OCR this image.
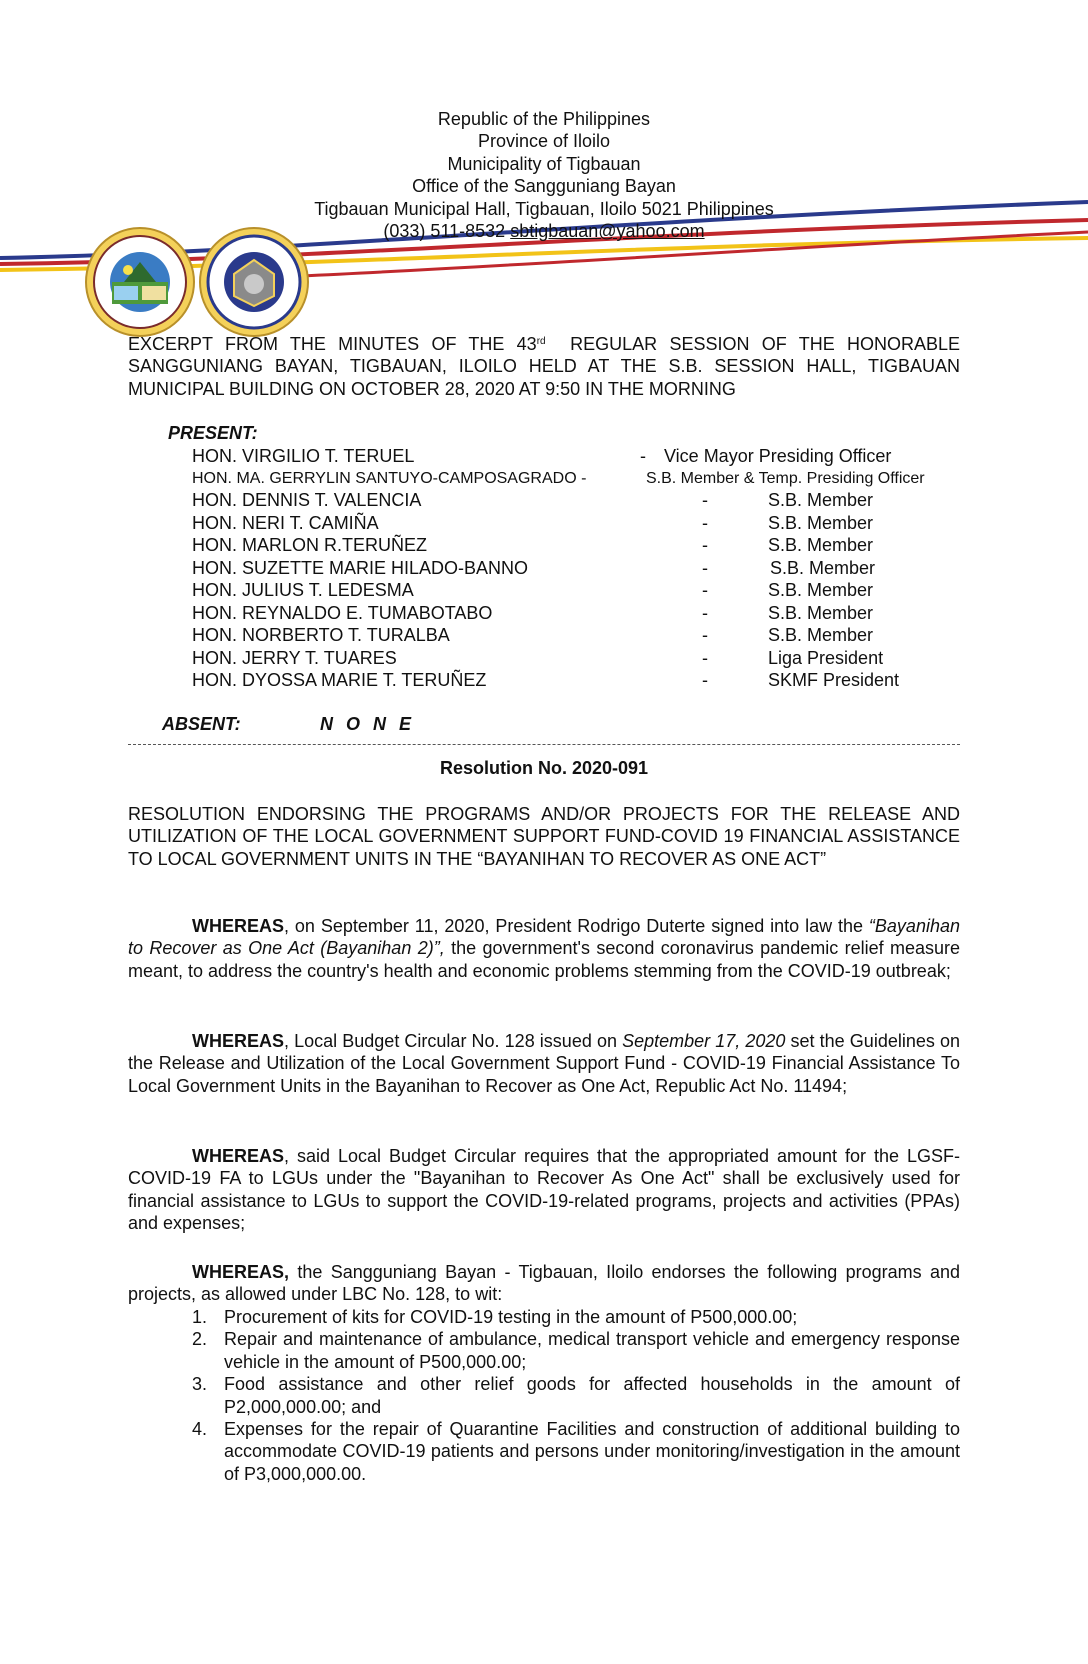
Republic of the Philippines
Province of Iloilo
Municipality of Tigbauan
Office of the Sangguniang Bayan
Tigbauan Municipal Hall, Tigbauan, Iloilo 5021 Philippines
(033) 511-8532 sbtigbauan@yahoo.com
EXCERPT FROM THE MINUTES OF THE 43rd  REGULAR SESSION OF THE HONORABLE SANGGUNIANG BAYAN, TIGBAUAN, ILOILO HELD AT THE S.B. SESSION HALL, TIGBAUAN MUNICIPAL BUILDING ON OCTOBER 28, 2020 AT 9:50 IN THE MORNING
PRESENT:
HON. VIRGILIO T. TERUEL	- Vice Mayor Presiding Officer
HON. MA. GERRYLIN SANTUYO-CAMPOSAGRADO -	S.B. Member & Temp. Presiding Officer
HON. DENNIS T. VALENCIA	-	S.B. Member
HON. NERI T. CAMIÑA	-	S.B. Member
HON. MARLON R.TERUÑEZ	-	S.B. Member
HON. SUZETTE MARIE HILADO-BANNO	-	S.B. Member
HON. JULIUS T. LEDESMA	-	S.B. Member
HON. REYNALDO E. TUMABOTABO	-	S.B. Member
HON. NORBERTO T. TURALBA	-	S.B. Member
HON. JERRY T. TUARES	-	Liga President
HON. DYOSSA MARIE T. TERUÑEZ	-	SKMF President
ABSENT:	N O N E
Resolution No. 2020-091
RESOLUTION ENDORSING THE PROGRAMS AND/OR PROJECTS FOR THE RELEASE AND UTILIZATION OF THE LOCAL GOVERNMENT SUPPORT FUND-COVID 19 FINANCIAL ASSISTANCE TO LOCAL GOVERNMENT UNITS IN THE “BAYANIHAN TO RECOVER AS ONE ACT”
WHEREAS, on September 11, 2020, President Rodrigo Duterte signed into law the “Bayanihan to Recover as One Act (Bayanihan 2)”, the government's second coronavirus pandemic relief measure meant, to address the country's health and economic problems stemming from the COVID-19 outbreak;
WHEREAS, Local Budget Circular No. 128 issued on September 17, 2020 set the Guidelines on the Release and Utilization of the Local Government Support Fund - COVID-19 Financial Assistance To Local Government Units in the Bayanihan to Recover as One Act, Republic Act No. 11494;
WHEREAS, said Local Budget Circular requires that the appropriated amount for the LGSF-COVID-19 FA to LGUs under the "Bayanihan to Recover As One Act" shall be exclusively used for financial assistance to LGUs to support the COVID-19-related programs, projects and activities (PPAs) and expenses;
WHEREAS, the Sangguniang Bayan - Tigbauan, Iloilo endorses the following programs and projects, as allowed under LBC No. 128, to wit:
1. Procurement of kits for COVID-19 testing in the amount of P500,000.00;
2. Repair and maintenance of ambulance, medical transport vehicle and emergency response vehicle in the amount of P500,000.00;
3. Food assistance and other relief goods for affected households in the amount of P2,000,000.00; and
4. Expenses for the repair of Quarantine Facilities and construction of additional building to accommodate COVID-19 patients and persons under monitoring/investigation in the amount of P3,000,000.00.
